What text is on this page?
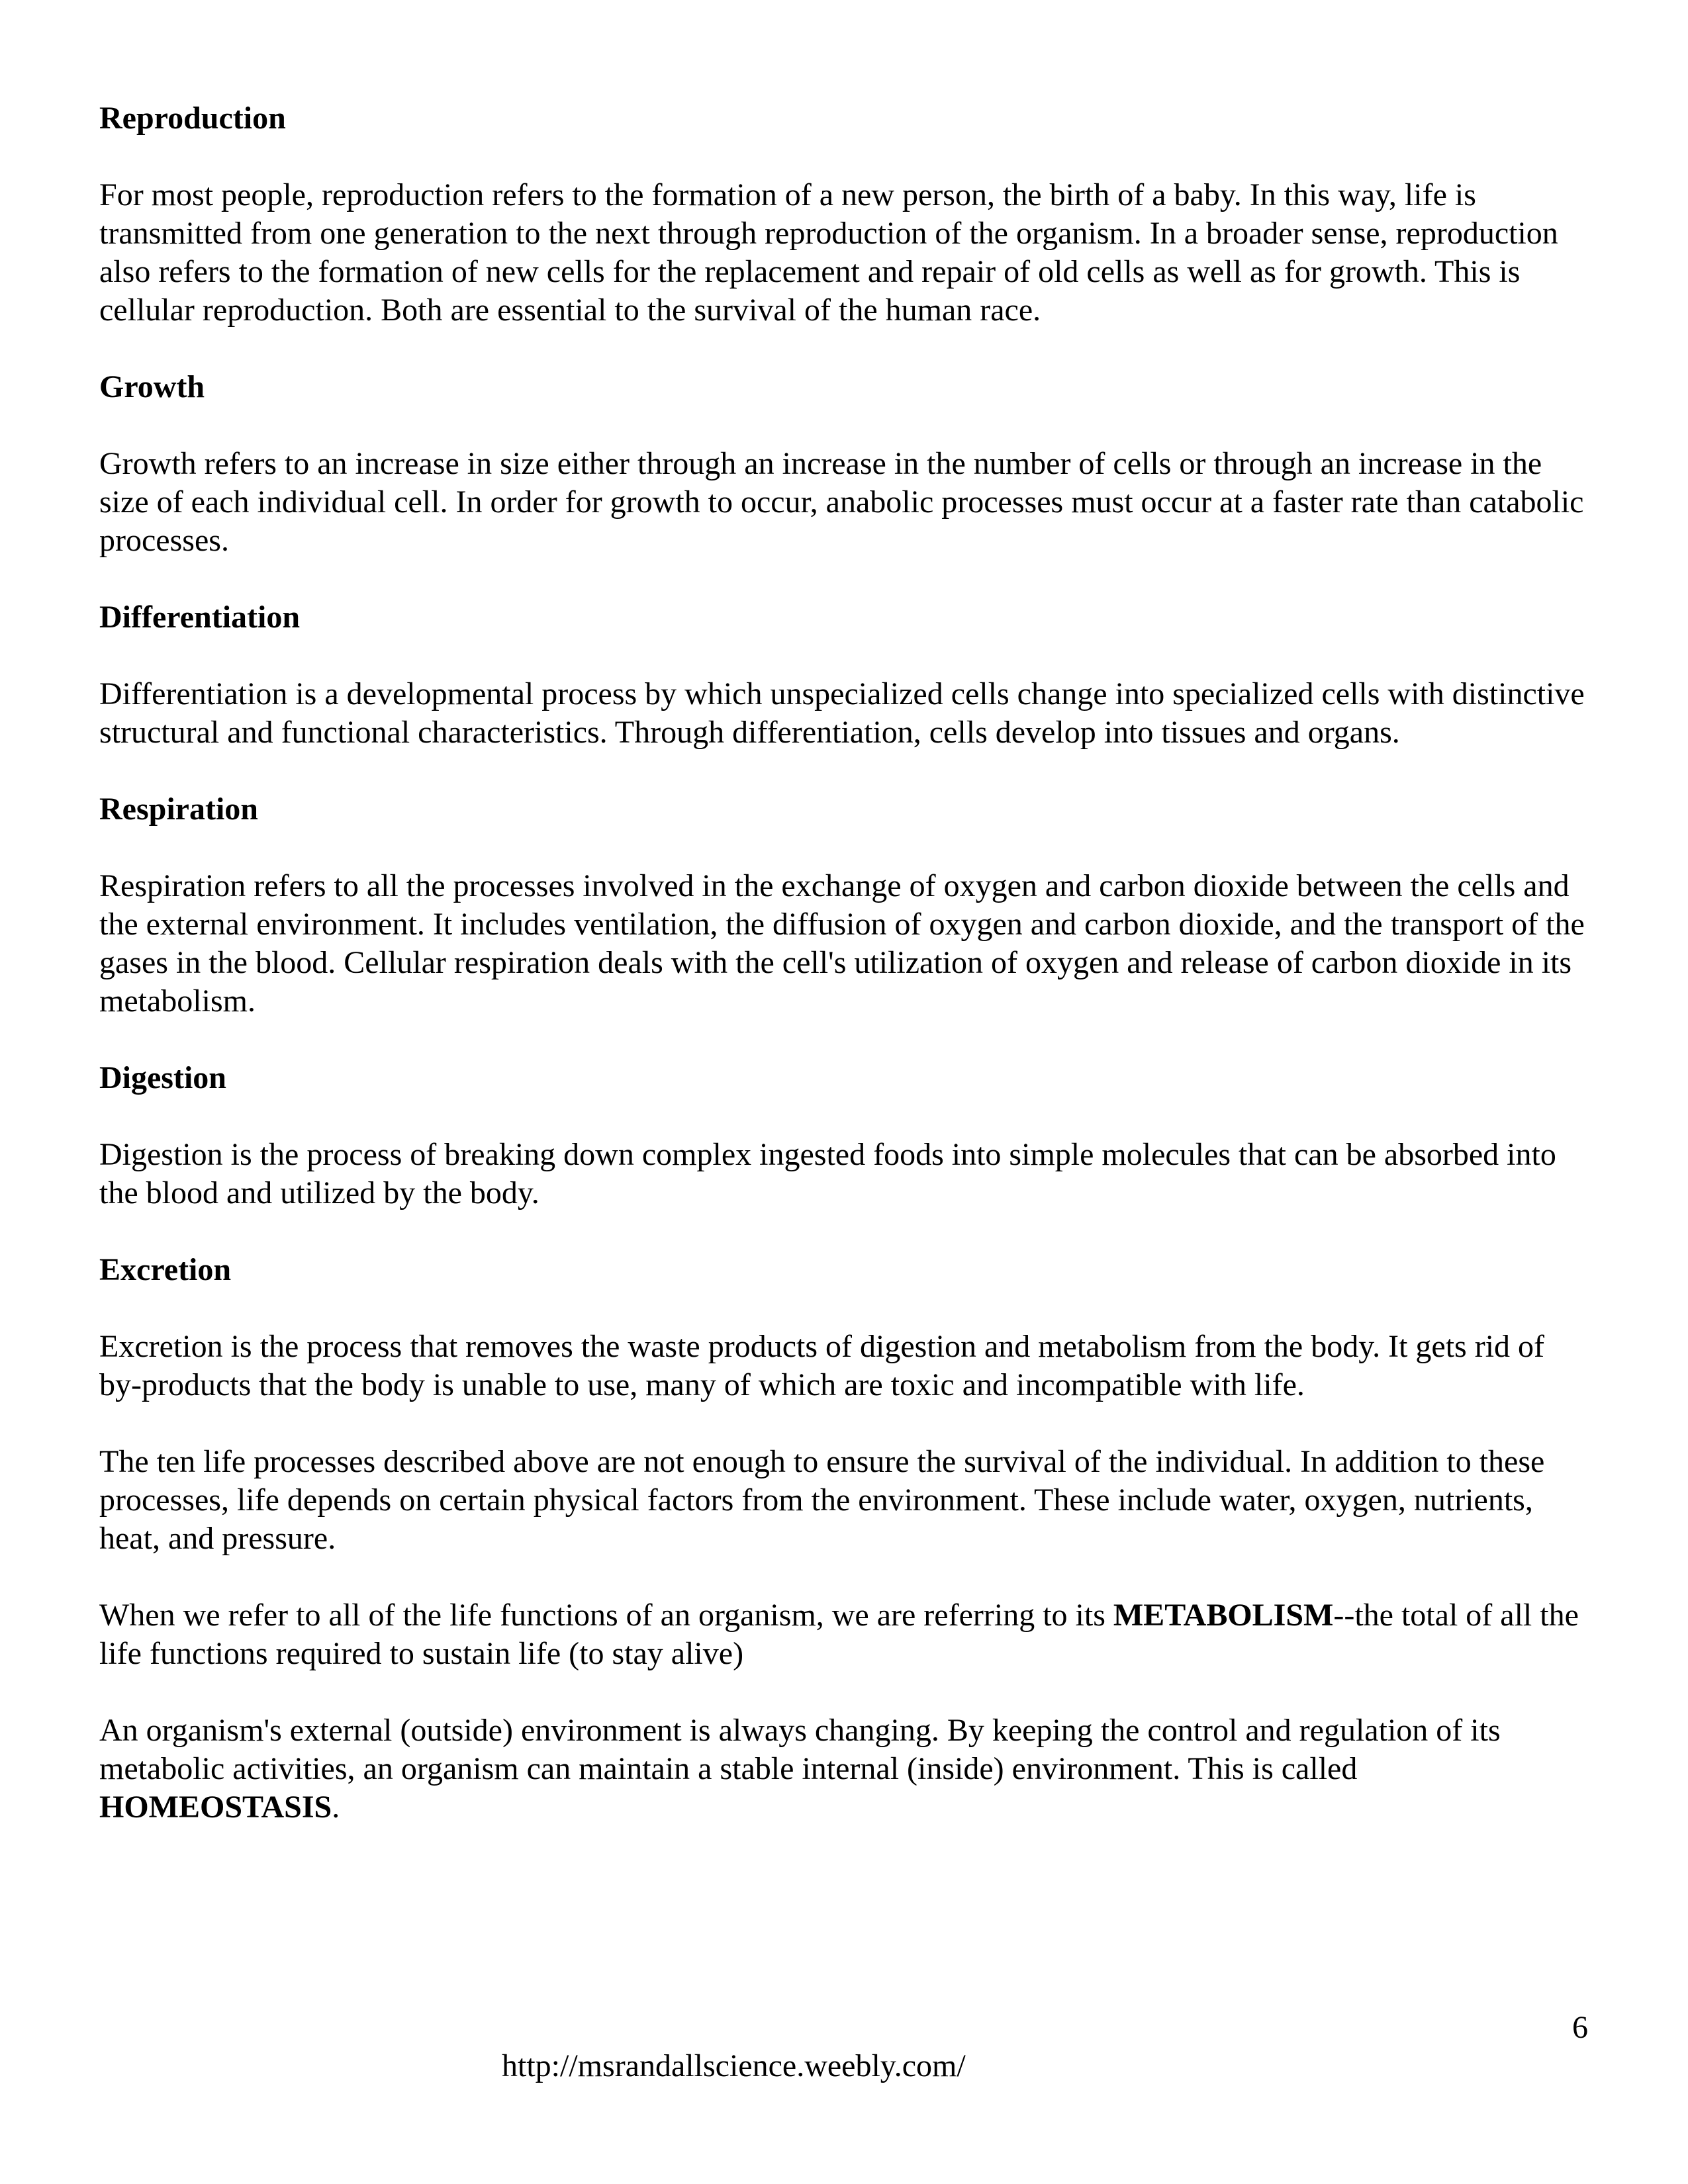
Reproduction

For most people, reproduction refers to the formation of a new person, the birth of a baby. In this way, life is transmitted from one generation to the next through reproduction of the organism. In a broader sense, reproduction also refers to the formation of new cells for the replacement and repair of old cells as well as for growth. This is cellular reproduction. Both are essential to the survival of the human race.

Growth

Growth refers to an increase in size either through an increase in the number of cells or through an increase in the size of each individual cell. In order for growth to occur, anabolic processes must occur at a faster rate than catabolic processes.

Differentiation

Differentiation is a developmental process by which unspecialized cells change into specialized cells with distinctive structural and functional characteristics. Through differentiation, cells develop into tissues and organs.

Respiration

Respiration refers to all the processes involved in the exchange of oxygen and carbon dioxide between the cells and the external environment. It includes ventilation, the diffusion of oxygen and carbon dioxide, and the transport of the gases in the blood. Cellular respiration deals with the cell's utilization of oxygen and release of carbon dioxide in its metabolism.

Digestion

Digestion is the process of breaking down complex ingested foods into simple molecules that can be absorbed into the blood and utilized by the body.

Excretion

Excretion is the process that removes the waste products of digestion and metabolism from the body. It gets rid of by-products that the body is unable to use, many of which are toxic and incompatible with life.

The ten life processes described above are not enough to ensure the survival of the individual. In addition to these processes, life depends on certain physical factors from the environment. These include water, oxygen, nutrients, heat, and pressure.

When we refer to all of the life functions of an organism, we are referring to its METABOLISM--the total of all the life functions required to sustain life (to stay alive)

An organism's external (outside) environment is always changing. By keeping the control and regulation of its metabolic activities, an organism can maintain a stable internal (inside) environment. This is called HOMEOSTASIS.

6
http://msrandallscience.weebly.com/
